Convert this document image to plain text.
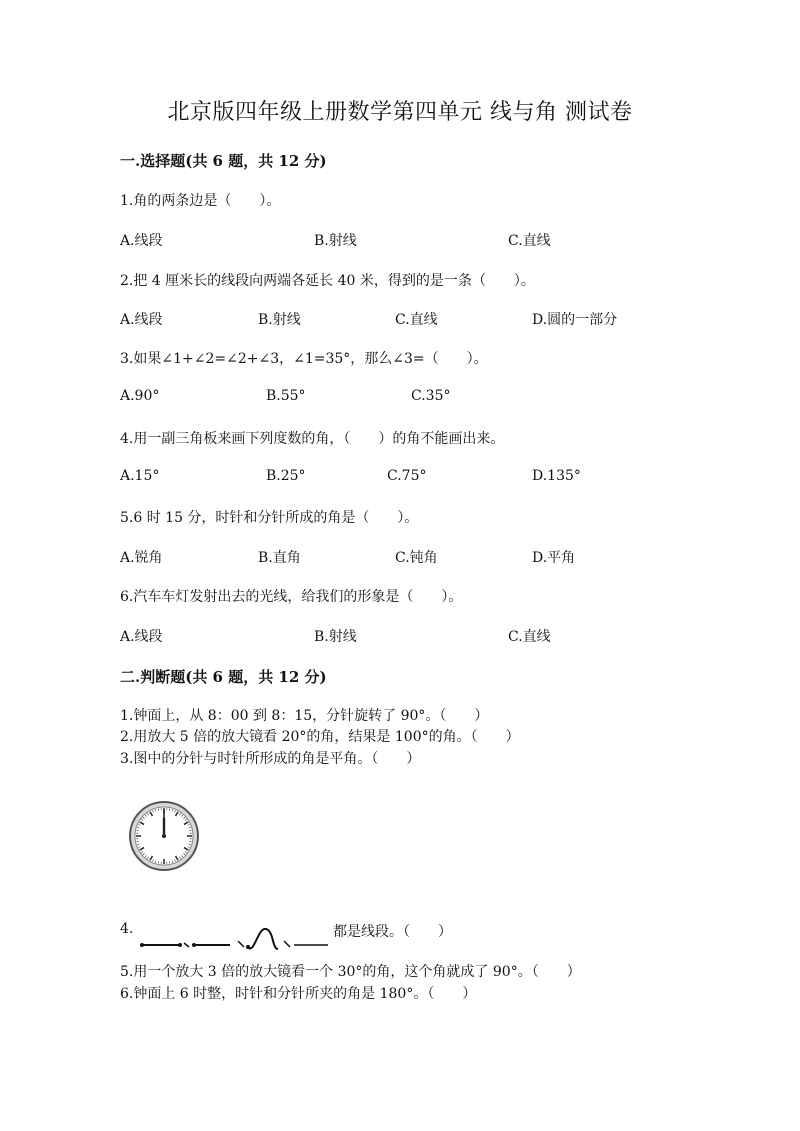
北京版四年级上册数学第四单元 线与角 测试卷
一.选择题(共 6 题，共 12 分)
1.角的两条边是（　　）。
A.线段	B.射线	C.直线
2.把 4 厘米长的线段向两端各延长 40 米，得到的是一条（　　）。
A.线段	B.射线	C.直线	D.圆的一部分
3.如果∠1+∠2=∠2+∠3，∠1=35°，那么∠3=（　　）。
A.90°	B.55°	C.35°
4.用一副三角板来画下列度数的角，（　　）的角不能画出来。
A.15°	B.25°	C.75°	D.135°
5.6 时 15 分，时针和分针所成的角是（　　）。
A.锐角	B.直角	C.钝角	D.平角
6.汽车车灯发射出去的光线，给我们的形象是（　　）。
A.线段	B.射线	C.直线
二.判断题(共 6 题，共 12 分)
1.钟面上，从 8：00 到 8：15，分针旋转了 90°。（　　）
2.用放大 5 倍的放大镜看 20°的角，结果是 100°的角。（　　）
3.图中的分针与时针所形成的角是平角。（　　）
4.	都是线段。（　　）
5.用一个放大 3 倍的放大镜看一个 30°的角，这个角就成了 90°。（　　）
6.钟面上 6 时整，时针和分针所夹的角是 180°。（　　）
